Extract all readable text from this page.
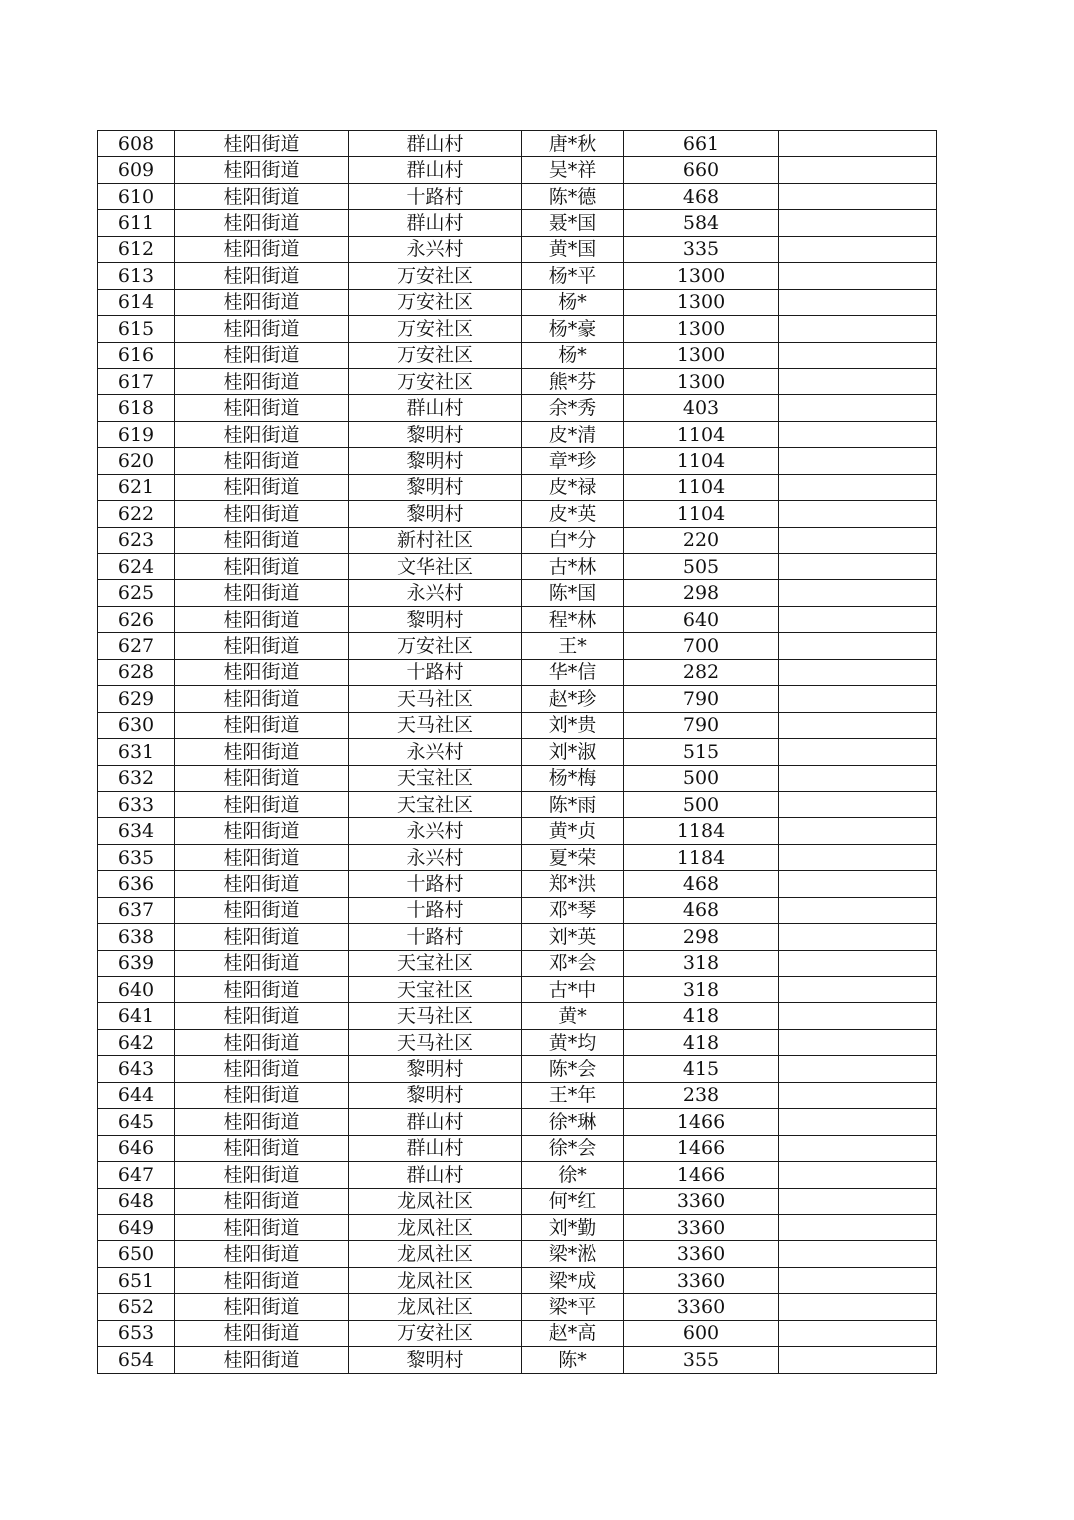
608	桂阳街道	群山村	唐*秋	661	
609	桂阳街道	群山村	吴*祥	660	
610	桂阳街道	十路村	陈*德	468	
611	桂阳街道	群山村	聂*国	584	
612	桂阳街道	永兴村	黄*国	335	
613	桂阳街道	万安社区	杨*平	1300	
614	桂阳街道	万安社区	杨*	1300	
615	桂阳街道	万安社区	杨*豪	1300	
616	桂阳街道	万安社区	杨*	1300	
617	桂阳街道	万安社区	熊*芬	1300	
618	桂阳街道	群山村	余*秀	403	
619	桂阳街道	黎明村	皮*清	1104	
620	桂阳街道	黎明村	章*珍	1104	
621	桂阳街道	黎明村	皮*禄	1104	
622	桂阳街道	黎明村	皮*英	1104	
623	桂阳街道	新村社区	白*分	220	
624	桂阳街道	文华社区	古*林	505	
625	桂阳街道	永兴村	陈*国	298	
626	桂阳街道	黎明村	程*林	640	
627	桂阳街道	万安社区	王*	700	
628	桂阳街道	十路村	华*信	282	
629	桂阳街道	天马社区	赵*珍	790	
630	桂阳街道	天马社区	刘*贵	790	
631	桂阳街道	永兴村	刘*淑	515	
632	桂阳街道	天宝社区	杨*梅	500	
633	桂阳街道	天宝社区	陈*雨	500	
634	桂阳街道	永兴村	黄*贞	1184	
635	桂阳街道	永兴村	夏*荣	1184	
636	桂阳街道	十路村	郑*洪	468	
637	桂阳街道	十路村	邓*琴	468	
638	桂阳街道	十路村	刘*英	298	
639	桂阳街道	天宝社区	邓*会	318	
640	桂阳街道	天宝社区	古*中	318	
641	桂阳街道	天马社区	黄*	418	
642	桂阳街道	天马社区	黄*均	418	
643	桂阳街道	黎明村	陈*会	415	
644	桂阳街道	黎明村	王*年	238	
645	桂阳街道	群山村	徐*琳	1466	
646	桂阳街道	群山村	徐*会	1466	
647	桂阳街道	群山村	徐*	1466	
648	桂阳街道	龙凤社区	何*红	3360	
649	桂阳街道	龙凤社区	刘*勤	3360	
650	桂阳街道	龙凤社区	梁*淞	3360	
651	桂阳街道	龙凤社区	梁*成	3360	
652	桂阳街道	龙凤社区	梁*平	3360	
653	桂阳街道	万安社区	赵*高	600	
654	桂阳街道	黎明村	陈*	355	
